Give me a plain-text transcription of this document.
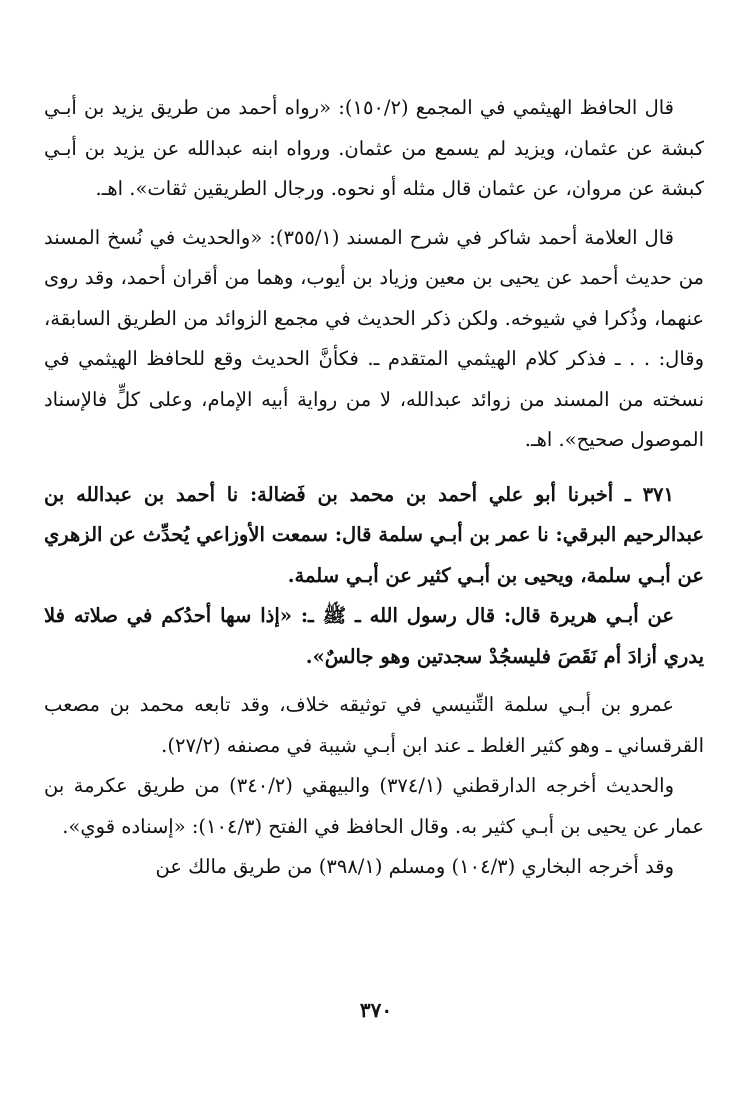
قال الحافظ الهيثمي في المجمع (١٥٠/٢): «رواه أحمد من طريق يزيد بن أبـي كبشة عن عثمان، ويزيد لم يسمع من عثمان. ورواه ابنه عبدالله عن يزيد بن أبـي كبشة عن مروان، عن عثمان قال مثله أو نحوه. ورجال الطريقين ثقات». اهـ.

قال العلامة أحمد شاكر في شرح المسند (٣٥٥/١): «والحديث في نُسخ المسند من حديث أحمد عن يحيى بن معين وزياد بن أيوب، وهما من أقران أحمد، وقد روى عنهما، وذُكرا في شيوخه. ولكن ذكر الحديث في مجمع الزوائد من الطريق السابقة، وقال: . . ـ فذكر كلام الهيثمي المتقدم ـ. فكأنَّ الحديث وقع للحافظ الهيثمي في نسخته من المسند من زوائد عبدالله، لا من رواية أبيه الإمام، وعلى كلٍّ فالإسناد الموصول صحيح». اهـ.

٣٧١ ـ أخبرنا أبو علي أحمد بن محمد بن فَضالة: نا أحمد بن عبدالله بن عبدالرحيم البرقي: نا عمر بن أبـي سلمة قال: سمعت الأوزاعي يُحدِّث عن الزهري عن أبـي سلمة، ويحيى بن أبـي كثير عن أبـي سلمة.

عن أبـي هريرة قال: قال رسول الله ـ ﷺ ـ: «إذا سها أحدُكم في صلاته فلا يدري أزادَ أم نَقَصَ فليسجُدْ سجدتين وهو جالسٌ».

عمرو بن أبـي سلمة التِّنيسي في توثيقه خلاف، وقد تابعه محمد بن مصعب القرقساني ـ وهو كثير الغلط ـ عند ابن أبـي شيبة في مصنفه (٢٧/٢).

والحديث أخرجه الدارقطني (٣٧٤/١) والبيهقي (٣٤٠/٢) من طريق عكرمة بن عمار عن يحيى بن أبـي كثير به. وقال الحافظ في الفتح (١٠٤/٣): «إسناده قوي».

وقد أخرجه البخاري (١٠٤/٣) ومسلم (٣٩٨/١) من طريق مالك عن

٣٧٠
